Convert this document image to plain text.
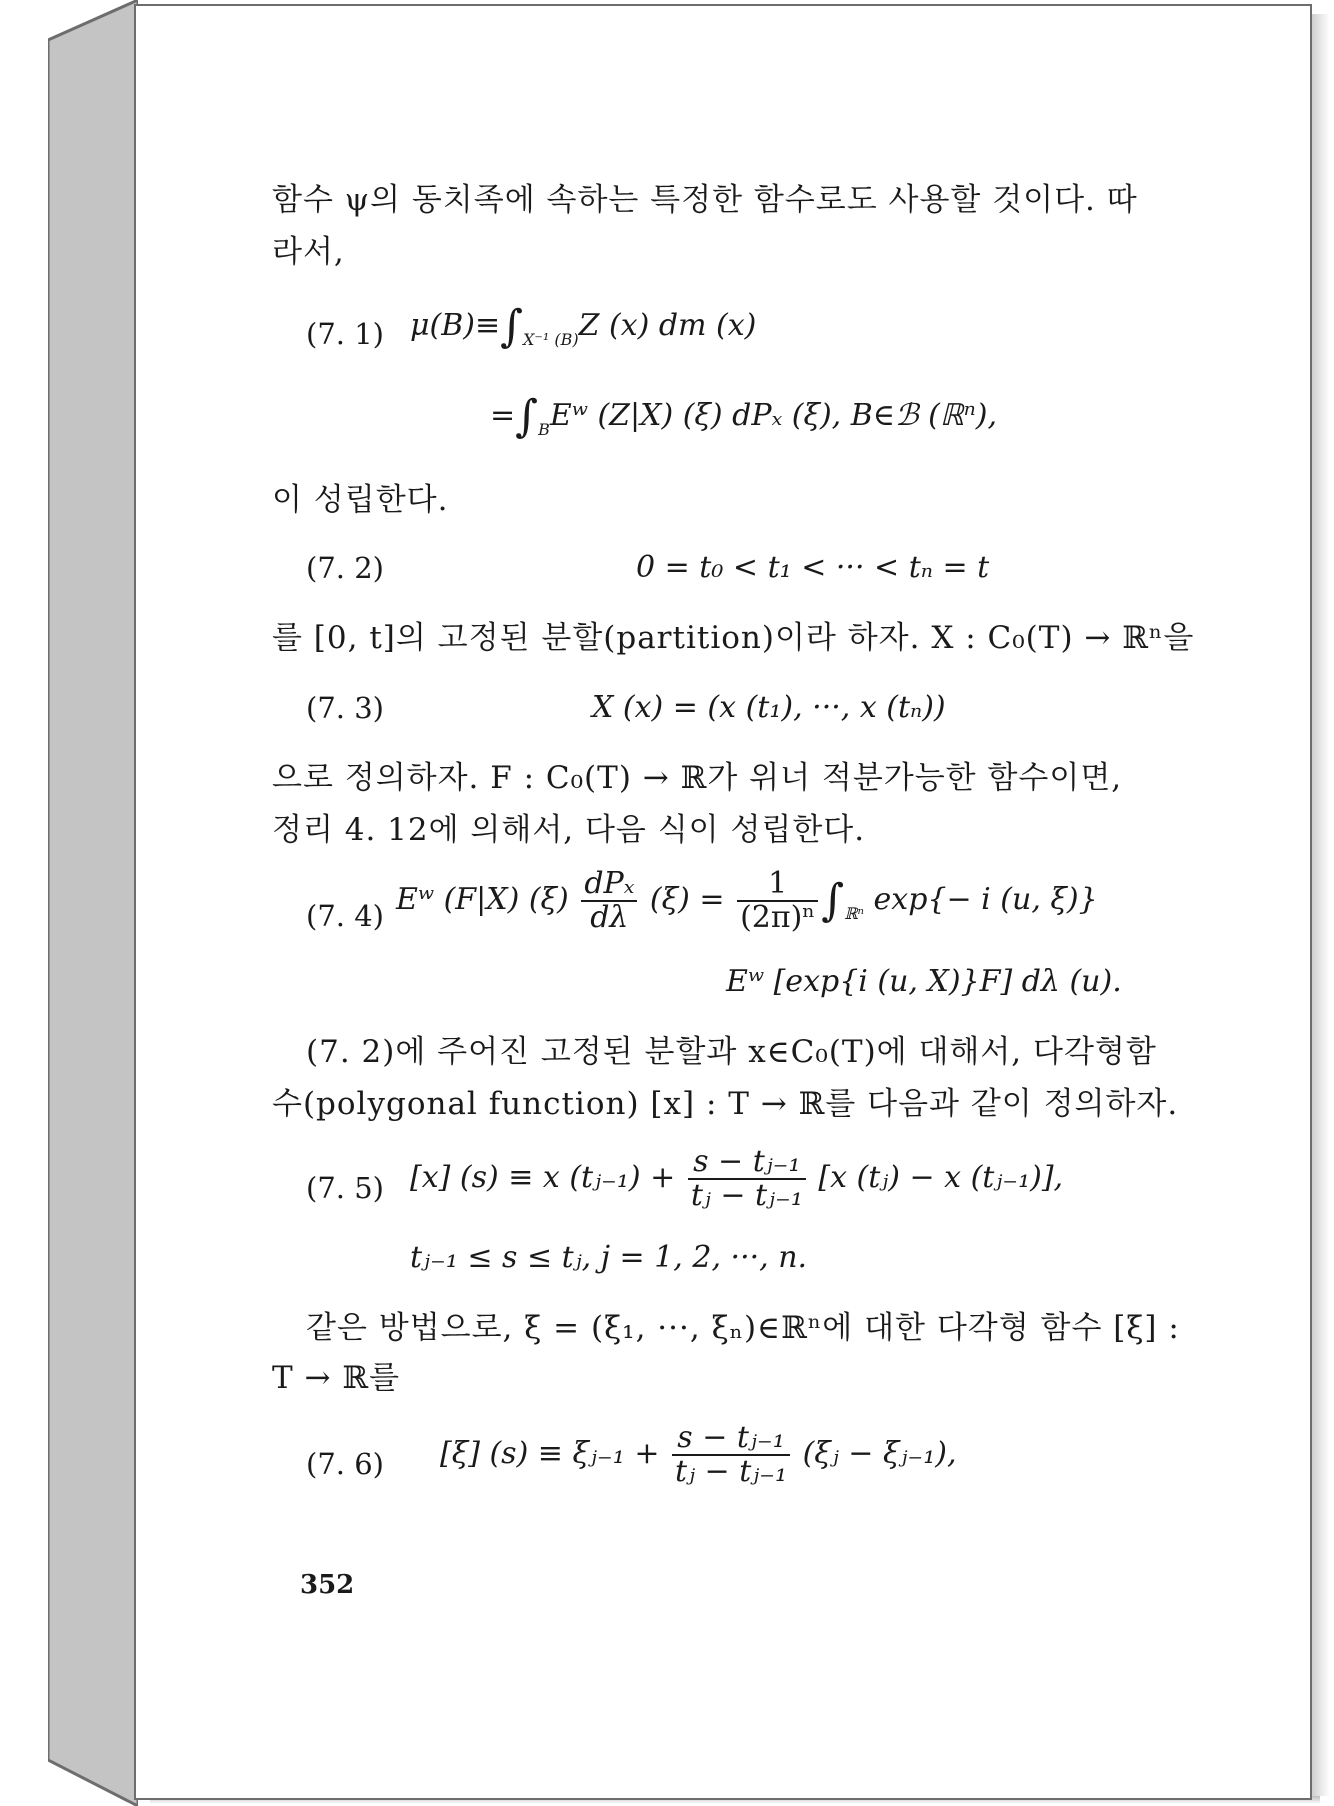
함수 ψ의 동치족에 속하는 특정한 함수로도 사용할 것이다. 따
라서,
(7. 1) $\mu(B)\equiv\int_{X^{-1} (B)}Z$ (x) dm (x)
$=\int_BEʷ$ (Z|X) (ξ) dPₓ (ξ), B∈ℬ (ℝⁿ),
이 성립한다.
(7. 2)	0 = t₀ < t₁ < ··· < tₙ = t
를 [0, t]의 고정된 분할(partition)이라 하자. X : C₀(T) → ℝⁿ을
(7. 3)	X (x) = (x (t₁), ···, x (tₙ))
으로 정의하자. F : C₀(T) → ℝ가 위너 적분가능한 함수이면,
정리 4. 12에 의해서, 다음 식이 성립한다.
(7. 4) Eʷ (F|X) $(\xi) \frac{\text{dPₓ}}{d\lambda} (\xi) = \frac{1}{\text{(2π)ⁿ}} \int_{ℝ^n}$ exp{− i (u, ξ)}
Eʷ [exp{i (u, X)}F] dλ (u).
(7. 2)에 주어진 고정된 분할과 x∈C₀(T)에 대해서, 다각형함
수(polygonal function) [x] : T → ℝ를 다음과 같이 정의하자.
(7. 5) [x] (s) ≡ x (tⱼ₋₁) + $\frac{\text{s − tⱼ₋₁}}{\text{tⱼ − tⱼ₋₁}} [x$ (tⱼ) − x (tⱼ₋₁)],
tⱼ₋₁ ≤ s ≤ tⱼ, j = 1, 2, ···, n.
같은 방법으로, ξ = (ξ₁, ···, ξₙ)∈ℝⁿ에 대한 다각형 함수 [ξ] :
T → ℝ를
(7. 6) [ξ] (s) ≡ ξⱼ₋₁ + $\frac{\text{s − tⱼ₋₁}}{\text{tⱼ − tⱼ₋₁}}$ (ξⱼ − ξⱼ₋₁),
352
